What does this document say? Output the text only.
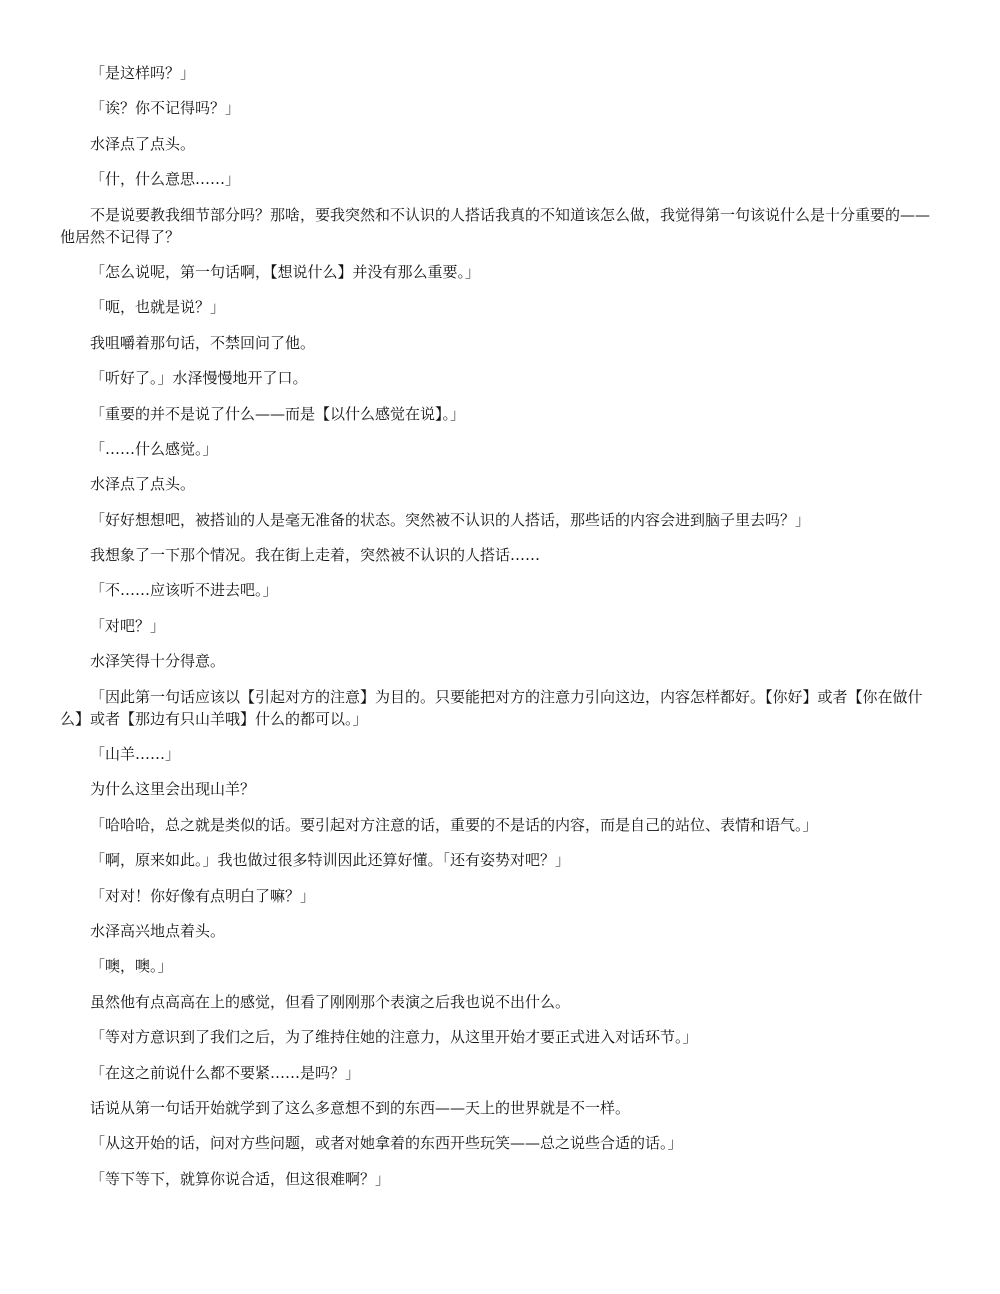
「是这样吗？」

「诶？你不记得吗？」

水泽点了点头。

「什，什么意思……」

不是说要教我细节部分吗？那啥，要我突然和不认识的人搭话我真的不知道该怎么做，我觉得第一句该说什么是十分重要的——他居然不记得了？

「怎么说呢，第一句话啊，【想说什么】并没有那么重要。」

「呃，也就是说？」

我咀嚼着那句话，不禁回问了他。

「听好了。」水泽慢慢地开了口。

「重要的并不是说了什么——而是【以什么感觉在说】。」

「……什么感觉。」

水泽点了点头。

「好好想想吧，被搭讪的人是毫无准备的状态。突然被不认识的人搭话，那些话的内容会进到脑子里去吗？」

我想象了一下那个情况。我在街上走着，突然被不认识的人搭话……

「不……应该听不进去吧。」

「对吧？」

水泽笑得十分得意。

「因此第一句话应该以【引起对方的注意】为目的。只要能把对方的注意力引向这边，内容怎样都好。【你好】或者【你在做什么】或者【那边有只山羊哦】什么的都可以。」

「山羊……」

为什么这里会出现山羊？

「哈哈哈，总之就是类似的话。要引起对方注意的话，重要的不是话的内容，而是自己的站位、表情和语气。」

「啊，原来如此。」我也做过很多特训因此还算好懂。「还有姿势对吧？」

「对对！你好像有点明白了嘛？」

水泽高兴地点着头。

「噢，噢。」

虽然他有点高高在上的感觉，但看了刚刚那个表演之后我也说不出什么。

「等对方意识到了我们之后，为了维持住她的注意力，从这里开始才要正式进入对话环节。」

「在这之前说什么都不要紧……是吗？」

话说从第一句话开始就学到了这么多意想不到的东西——天上的世界就是不一样。

「从这开始的话，问对方些问题，或者对她拿着的东西开些玩笑——总之说些合适的话。」

「等下等下，就算你说合适，但这很难啊？」
